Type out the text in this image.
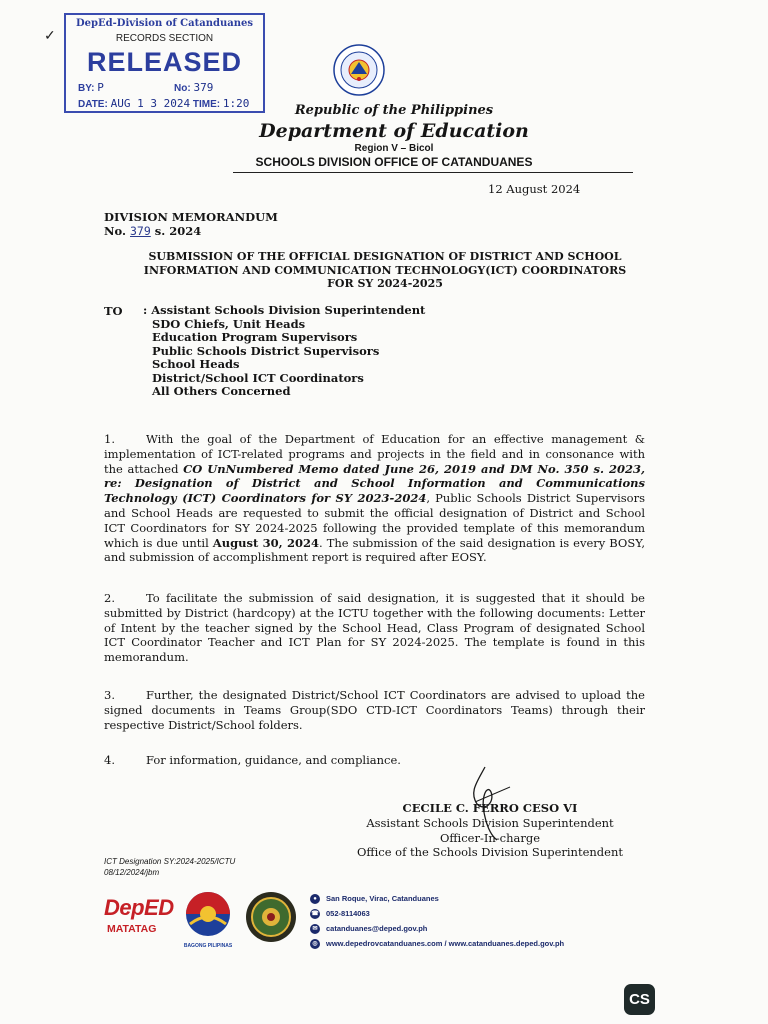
✓
DepEd-Division of Catanduanes
RECORDS SECTION
RELEASED
BY: P	No: 379
DATE: AUG 1 3 2024 TIME: 1:20	Republic of the Philippines
Department of Education
Region V – Bicol
SCHOOLS DIVISION OFFICE OF CATANDUANES
12 August 2024
DIVISION MEMORANDUM
No. 379 s. 2024
SUBMISSION OF THE OFFICIAL DESIGNATION OF DISTRICT AND SCHOOL
INFORMATION AND COMMUNICATION TECHNOLOGY(ICT) COORDINATORS
FOR SY 2024-2025
TO : Assistant Schools Division Superintendent
SDO Chiefs, Unit Heads
Education Program Supervisors
Public Schools District Supervisors
School Heads
District/School ICT Coordinators
All Others Concerned
1.	With the goal of the Department of Education for an effective management & implementation of ICT-related programs and projects in the field and in consonance with the attached CO UnNumbered Memo dated June 26, 2019 and DM No. 350 s. 2023, re: Designation of District and School Information and Communications Technology (ICT) Coordinators for SY 2023-2024, Public Schools District Supervisors and School Heads are requested to submit the official designation of District and School ICT Coordinators for SY 2024-2025 following the provided template of this memorandum which is due until August 30, 2024. The submission of the said designation is every BOSY, and submission of accomplishment report is required after EOSY.
2.	To facilitate the submission of said designation, it is suggested that it should be submitted by District (hardcopy) at the ICTU together with the following documents: Letter of Intent by the teacher signed by the School Head, Class Program of designated School ICT Coordinator Teacher and ICT Plan for SY 2024-2025. The template is found in this memorandum.
3.	Further, the designated District/School ICT Coordinators are advised to upload the signed documents in Teams Group(SDO CTD-ICT Coordinators Teams) through their respective District/School folders.
4.	For information, guidance, and compliance.
CECILE C. FERRO CESO VI
Assistant Schools Division Superintendent
Officer-In-charge
Office of the Schools Division Superintendent
ICT Designation SY:2024-2025/ICTU
08/12/2024/jbm
DepED
MATATAG
BAGONG PILIPINAS
● San Roque, Virac, Catanduanes
☎ 052-8114063
✉ catanduanes@deped.gov.ph
◎ www.depedrovcatanduanes.com / www.catanduanes.deped.gov.ph
CS
